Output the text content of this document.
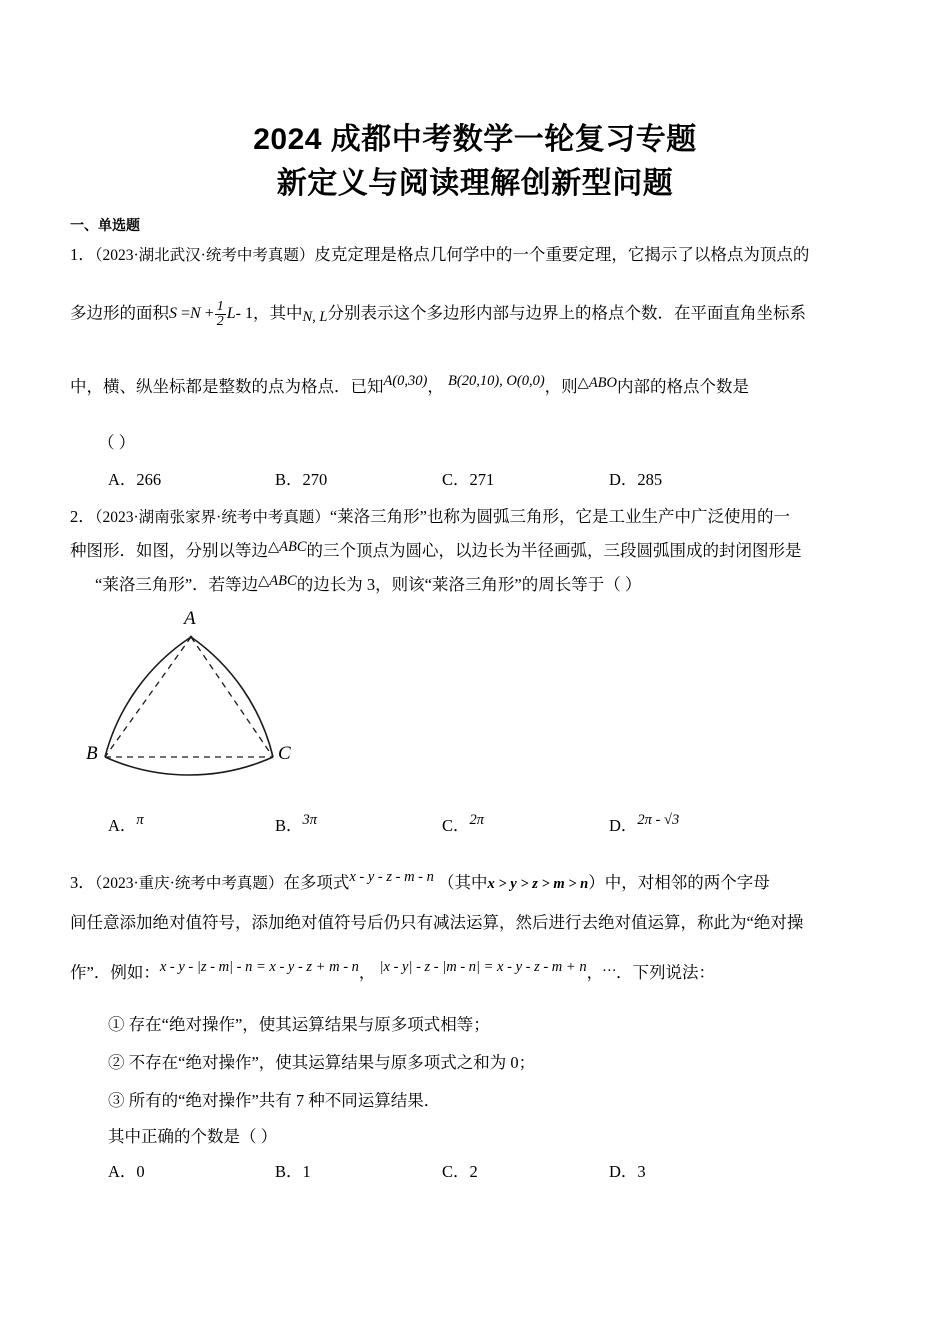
2024 成都中考数学一轮复习专题
新定义与阅读理解创新型问题
一、单选题
1．（2023·湖北武汉·统考中考真题）皮克定理是格点几何学中的一个重要定理，它揭示了以格点为顶点的
多边形的面积$S =N + \frac{1}{2} L-$ 1，其中N, L分别表示这个多边形内部与边界上的格点个数．在平面直角坐标系
中，横、纵坐标都是整数的点为格点．已知A(0,30)， B(20,10), O(0,0)，则△ABO内部的格点个数是
（ ）
A．266	B．270	C．271	D．285
2．（2023·湖南张家界·统考中考真题）“莱洛三角形”也称为圆弧三角形，它是工业生产中广泛使用的一
种图形．如图，分别以等边△ABC的三个顶点为圆心，以边长为半径画弧，三段圆弧围成的封闭图形是
“莱洛三角形”．若等边△ABC的边长为 3，则该“莱洛三角形”的周长等于（ ）
A
B	C
A．π	B．3π	C．2π	D．2π - √3
3．（2023·重庆·统考中考真题）在多项式x - y - z - m - n （其中x > y > z > m > n）中，对相邻的两个字母
间任意添加绝对值符号，添加绝对值符号后仍只有减法运算，然后进行去绝对值运算，称此为“绝对操
作”．例如：x - y - |z - m| - n = x - y - z + m - n， |x - y| - z - |m - n| = x - y - z - m + n，…．下列说法：
① 存在“绝对操作”，使其运算结果与原多项式相等；
② 不存在“绝对操作”，使其运算结果与原多项式之和为 0；
③ 所有的“绝对操作”共有 7 种不同运算结果．
其中正确的个数是（ ）
A．0	B．1	C．2	D．3
